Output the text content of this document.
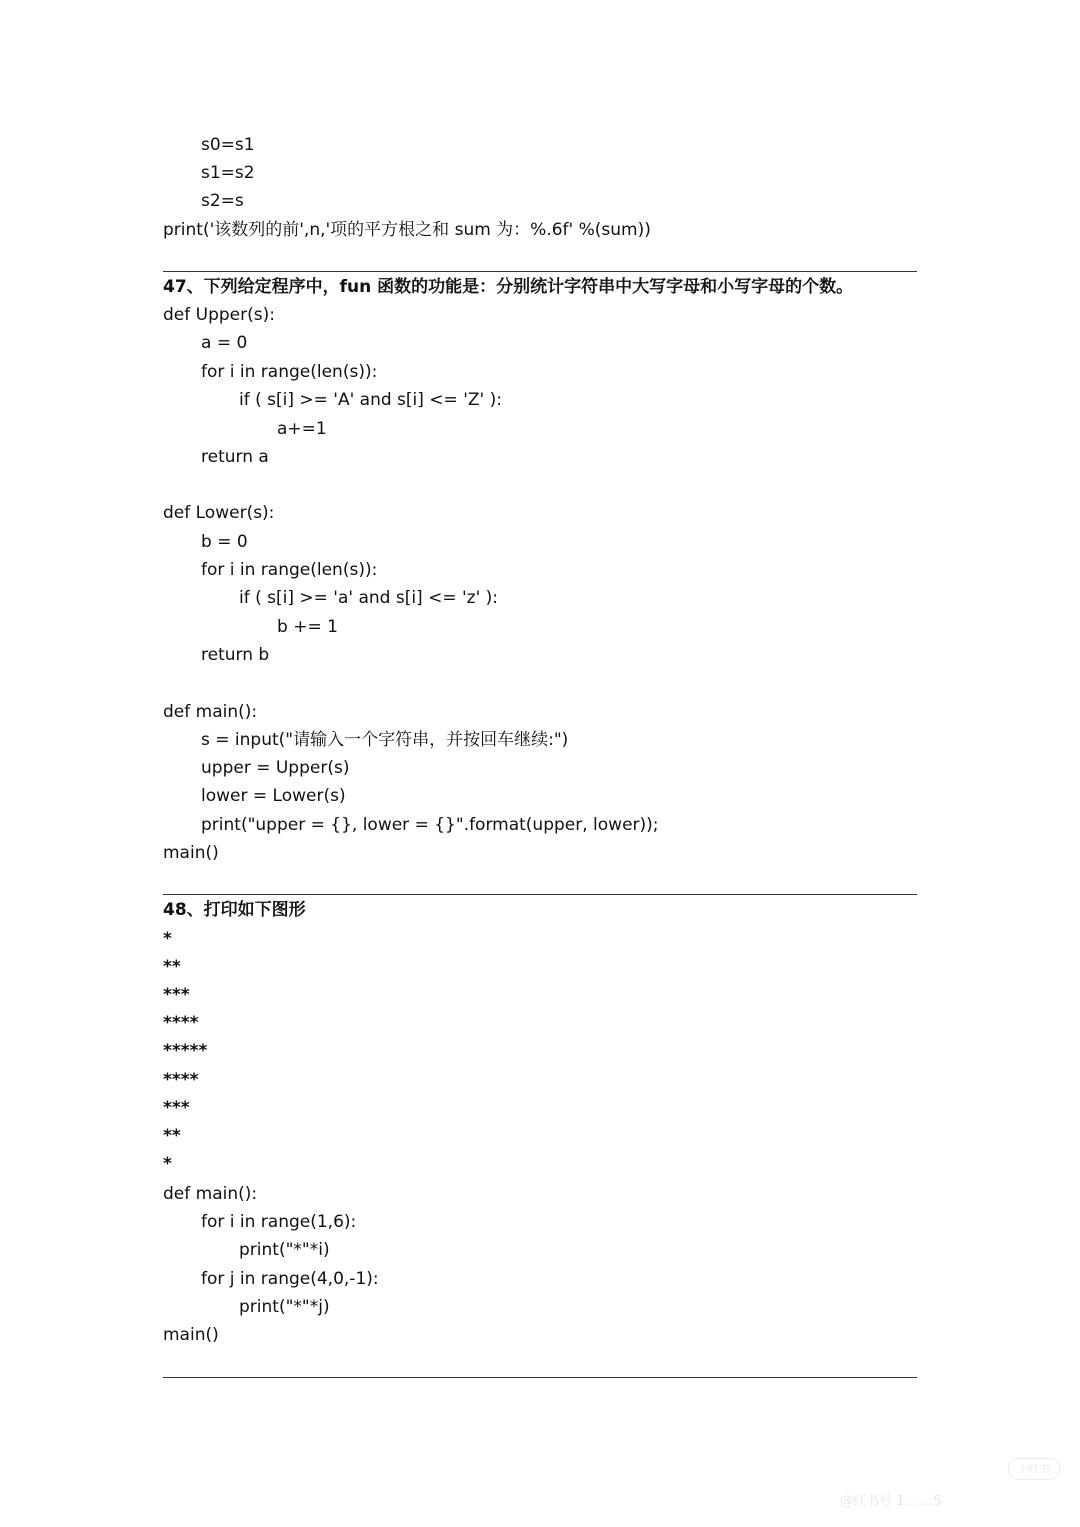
s0=s1
s1=s2
s2=s
print('该数列的前',n,'项的平方根之和 sum 为：%.6f' %(sum))
47、下列给定程序中，fun 函数的功能是：分别统计字符串中大写字母和小写字母的个数。
def Upper(s):
a = 0
for i in range(len(s)):
if ( s[i] >= 'A' and s[i] <= 'Z' ):
a+=1
return a
def Lower(s):
b = 0
for i in range(len(s)):
if ( s[i] >= 'a' and s[i] <= 'z' ):
b += 1
return b
def main():
s = input("请输入一个字符串，并按回车继续:")
upper = Upper(s)
lower = Lower(s)
print("upper = {}, lower = {}".format(upper, lower));
main()
48、打印如下图形
*
**
***
****
*****
****
***
**
*
def main():
for i in range(1,6):
print("*"*i)
for j in range(4,0,-1):
print("*"*j)
main()
小红书
@红书号 1... ...5
